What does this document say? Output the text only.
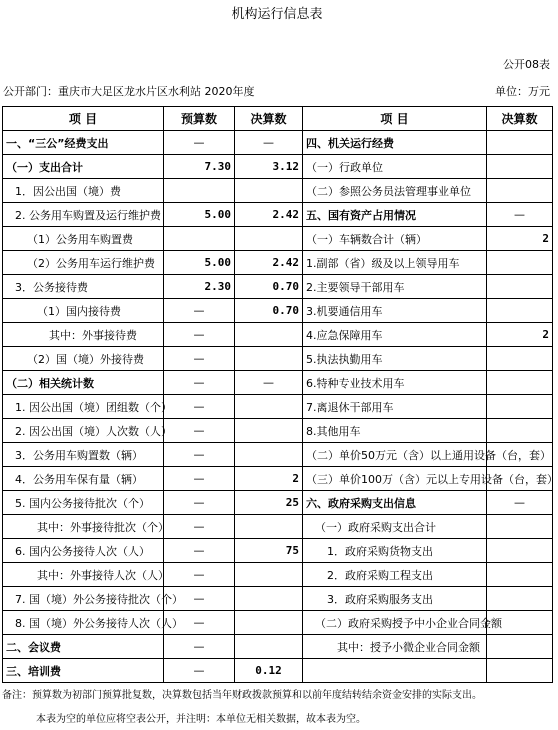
机构运行信息表
公开08表
公开部门：重庆市大足区龙水片区水利站 2020年度	单位：万元
项 目	预算数	决算数	项 目	决算数
一、“三公”经费支出	—	—	四、机关运行经费	
（一）支出合计	7.30	3.12	（一）行政单位	
1．因公出国（境）费			（二）参照公务员法管理事业单位	
2. 公务用车购置及运行维护费	5.00	2.42	五、国有资产占用情况	—
（1）公务用车购置费			（一）车辆数合计（辆）	2
（2）公务用车运行维护费	5.00	2.42	1.副部（省）级及以上领导用车	
3．公务接待费	2.30	0.70	2.主要领导干部用车	
（1）国内接待费	—	0.70	3.机要通信用车	
其中：外事接待费	—		4.应急保障用车	2
（2）国（境）外接待费	—		5.执法执勤用车	
（二）相关统计数	—	—	6.特种专业技术用车	
1. 因公出国（境）团组数（个）	—		7.离退休干部用车	
2. 因公出国（境）人次数（人）	—		8.其他用车	
3．公务用车购置数（辆）	—		（二）单价50万元（含）以上通用设备（台，套）	
4．公务用车保有量（辆）	—	2	（三）单价100万（含）元以上专用设备（台，套）	
5. 国内公务接待批次（个）	—	25	六、政府采购支出信息	—
其中：外事接待批次（个）	—		（一）政府采购支出合计	
6. 国内公务接待人次（人）	—	75	1．政府采购货物支出	
其中：外事接待人次（人）	—		2．政府采购工程支出	
7. 国（境）外公务接待批次（个）	—		3．政府采购服务支出	
8. 国（境）外公务接待人次（人）	—		（二）政府采购授予中小企业合同金额	
二、会议费	—		其中：授予小微企业合同金额	
三、培训费	—	0.12		
备注：预算数为初部门预算批复数，决算数包括当年财政拨款预算和以前年度结转结余资金安排的实际支出。
本表为空的单位应将空表公开，并注明：本单位无相关数据，故本表为空。
